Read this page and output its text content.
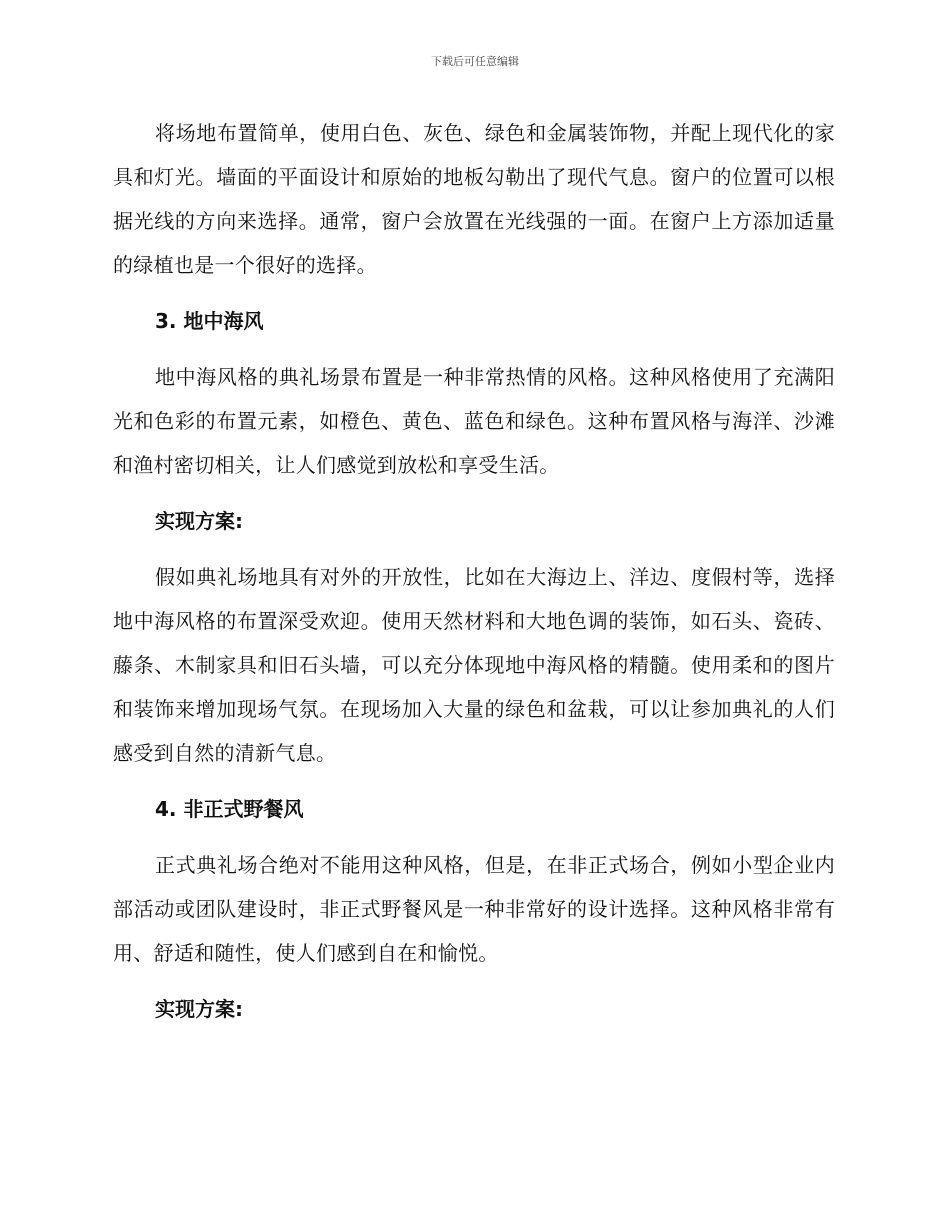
下载后可任意编辑

将场地布置简单，使用白色、灰色、绿色和金属装饰物，并配上现代化的家具和灯光。墙面的平面设计和原始的地板勾勒出了现代气息。窗户的位置可以根据光线的方向来选择。通常，窗户会放置在光线强的一面。在窗户上方添加适量的绿植也是一个很好的选择。

3. 地中海风

地中海风格的典礼场景布置是一种非常热情的风格。这种风格使用了充满阳光和色彩的布置元素，如橙色、黄色、蓝色和绿色。这种布置风格与海洋、沙滩和渔村密切相关，让人们感觉到放松和享受生活。

实现方案:

假如典礼场地具有对外的开放性，比如在大海边上、洋边、度假村等，选择地中海风格的布置深受欢迎。使用天然材料和大地色调的装饰，如石头、瓷砖、藤条、木制家具和旧石头墙，可以充分体现地中海风格的精髓。使用柔和的图片和装饰来增加现场气氛。在现场加入大量的绿色和盆栽，可以让参加典礼的人们感受到自然的清新气息。

4. 非正式野餐风

正式典礼场合绝对不能用这种风格，但是，在非正式场合，例如小型企业内部活动或团队建设时，非正式野餐风是一种非常好的设计选择。这种风格非常有用、舒适和随性，使人们感到自在和愉悦。

实现方案:
